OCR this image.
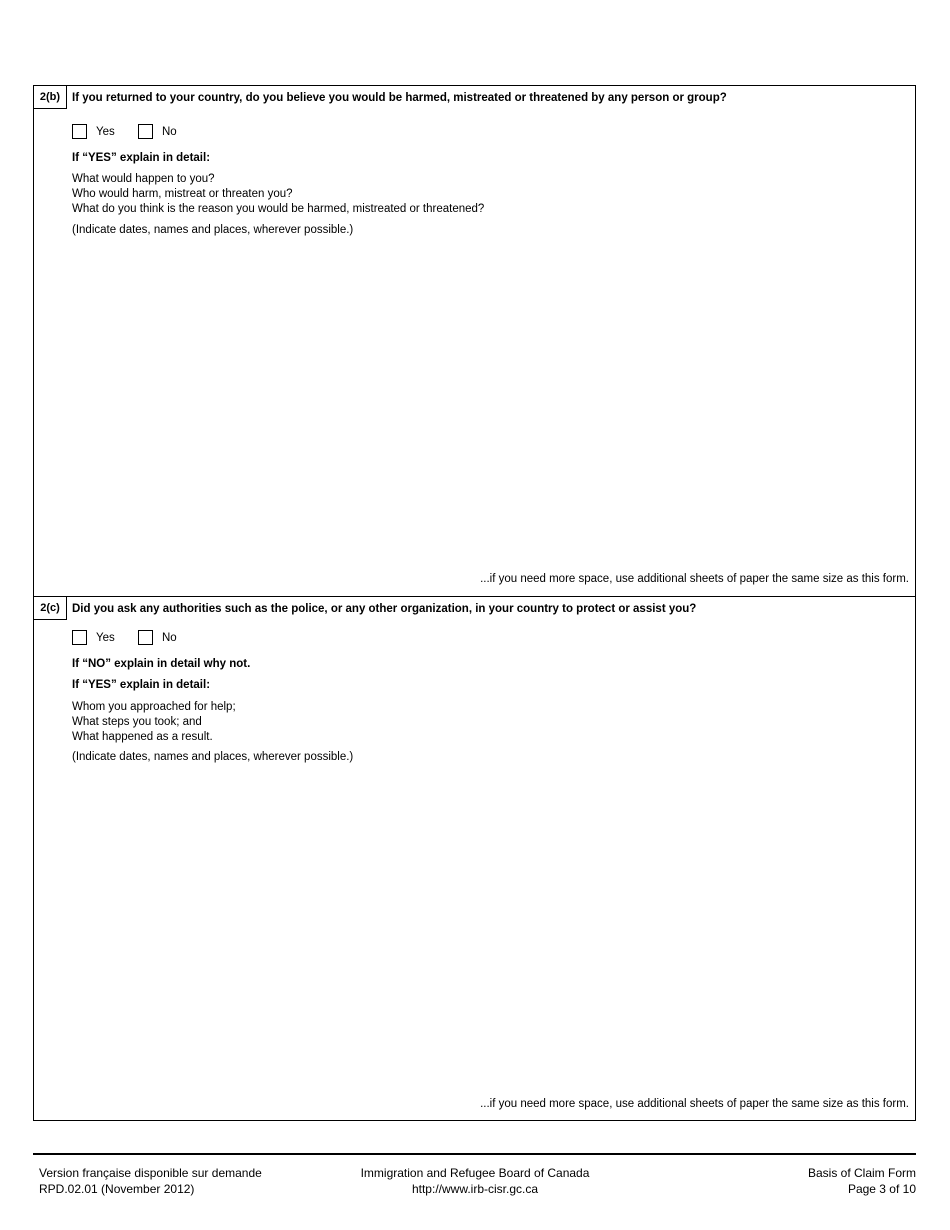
2(b)	If you returned to your country, do you believe you would be harmed, mistreated or threatened by any person or group?
Yes	No
If “YES” explain in detail:
What would happen to you?
Who would harm, mistreat or threaten you?
What do you think is the reason you would be harmed, mistreated or threatened?
(Indicate dates, names and places, wherever possible.)
...if you need more space, use additional sheets of paper the same size as this form.
2(c)	Did you ask any authorities such as the police, or any other organization, in your country to protect or assist you?
Yes	No
If “NO” explain in detail why not.
If “YES” explain in detail:
Whom you approached for help;
What steps you took; and
What happened as a result.
(Indicate dates, names and places, wherever possible.)
...if you need more space, use additional sheets of paper the same size as this form.
Version française disponible sur demande
RPD.02.01 (November 2012)
Immigration and Refugee Board of Canada
http://www.irb-cisr.gc.ca
Basis of Claim Form
Page 3 of 10
